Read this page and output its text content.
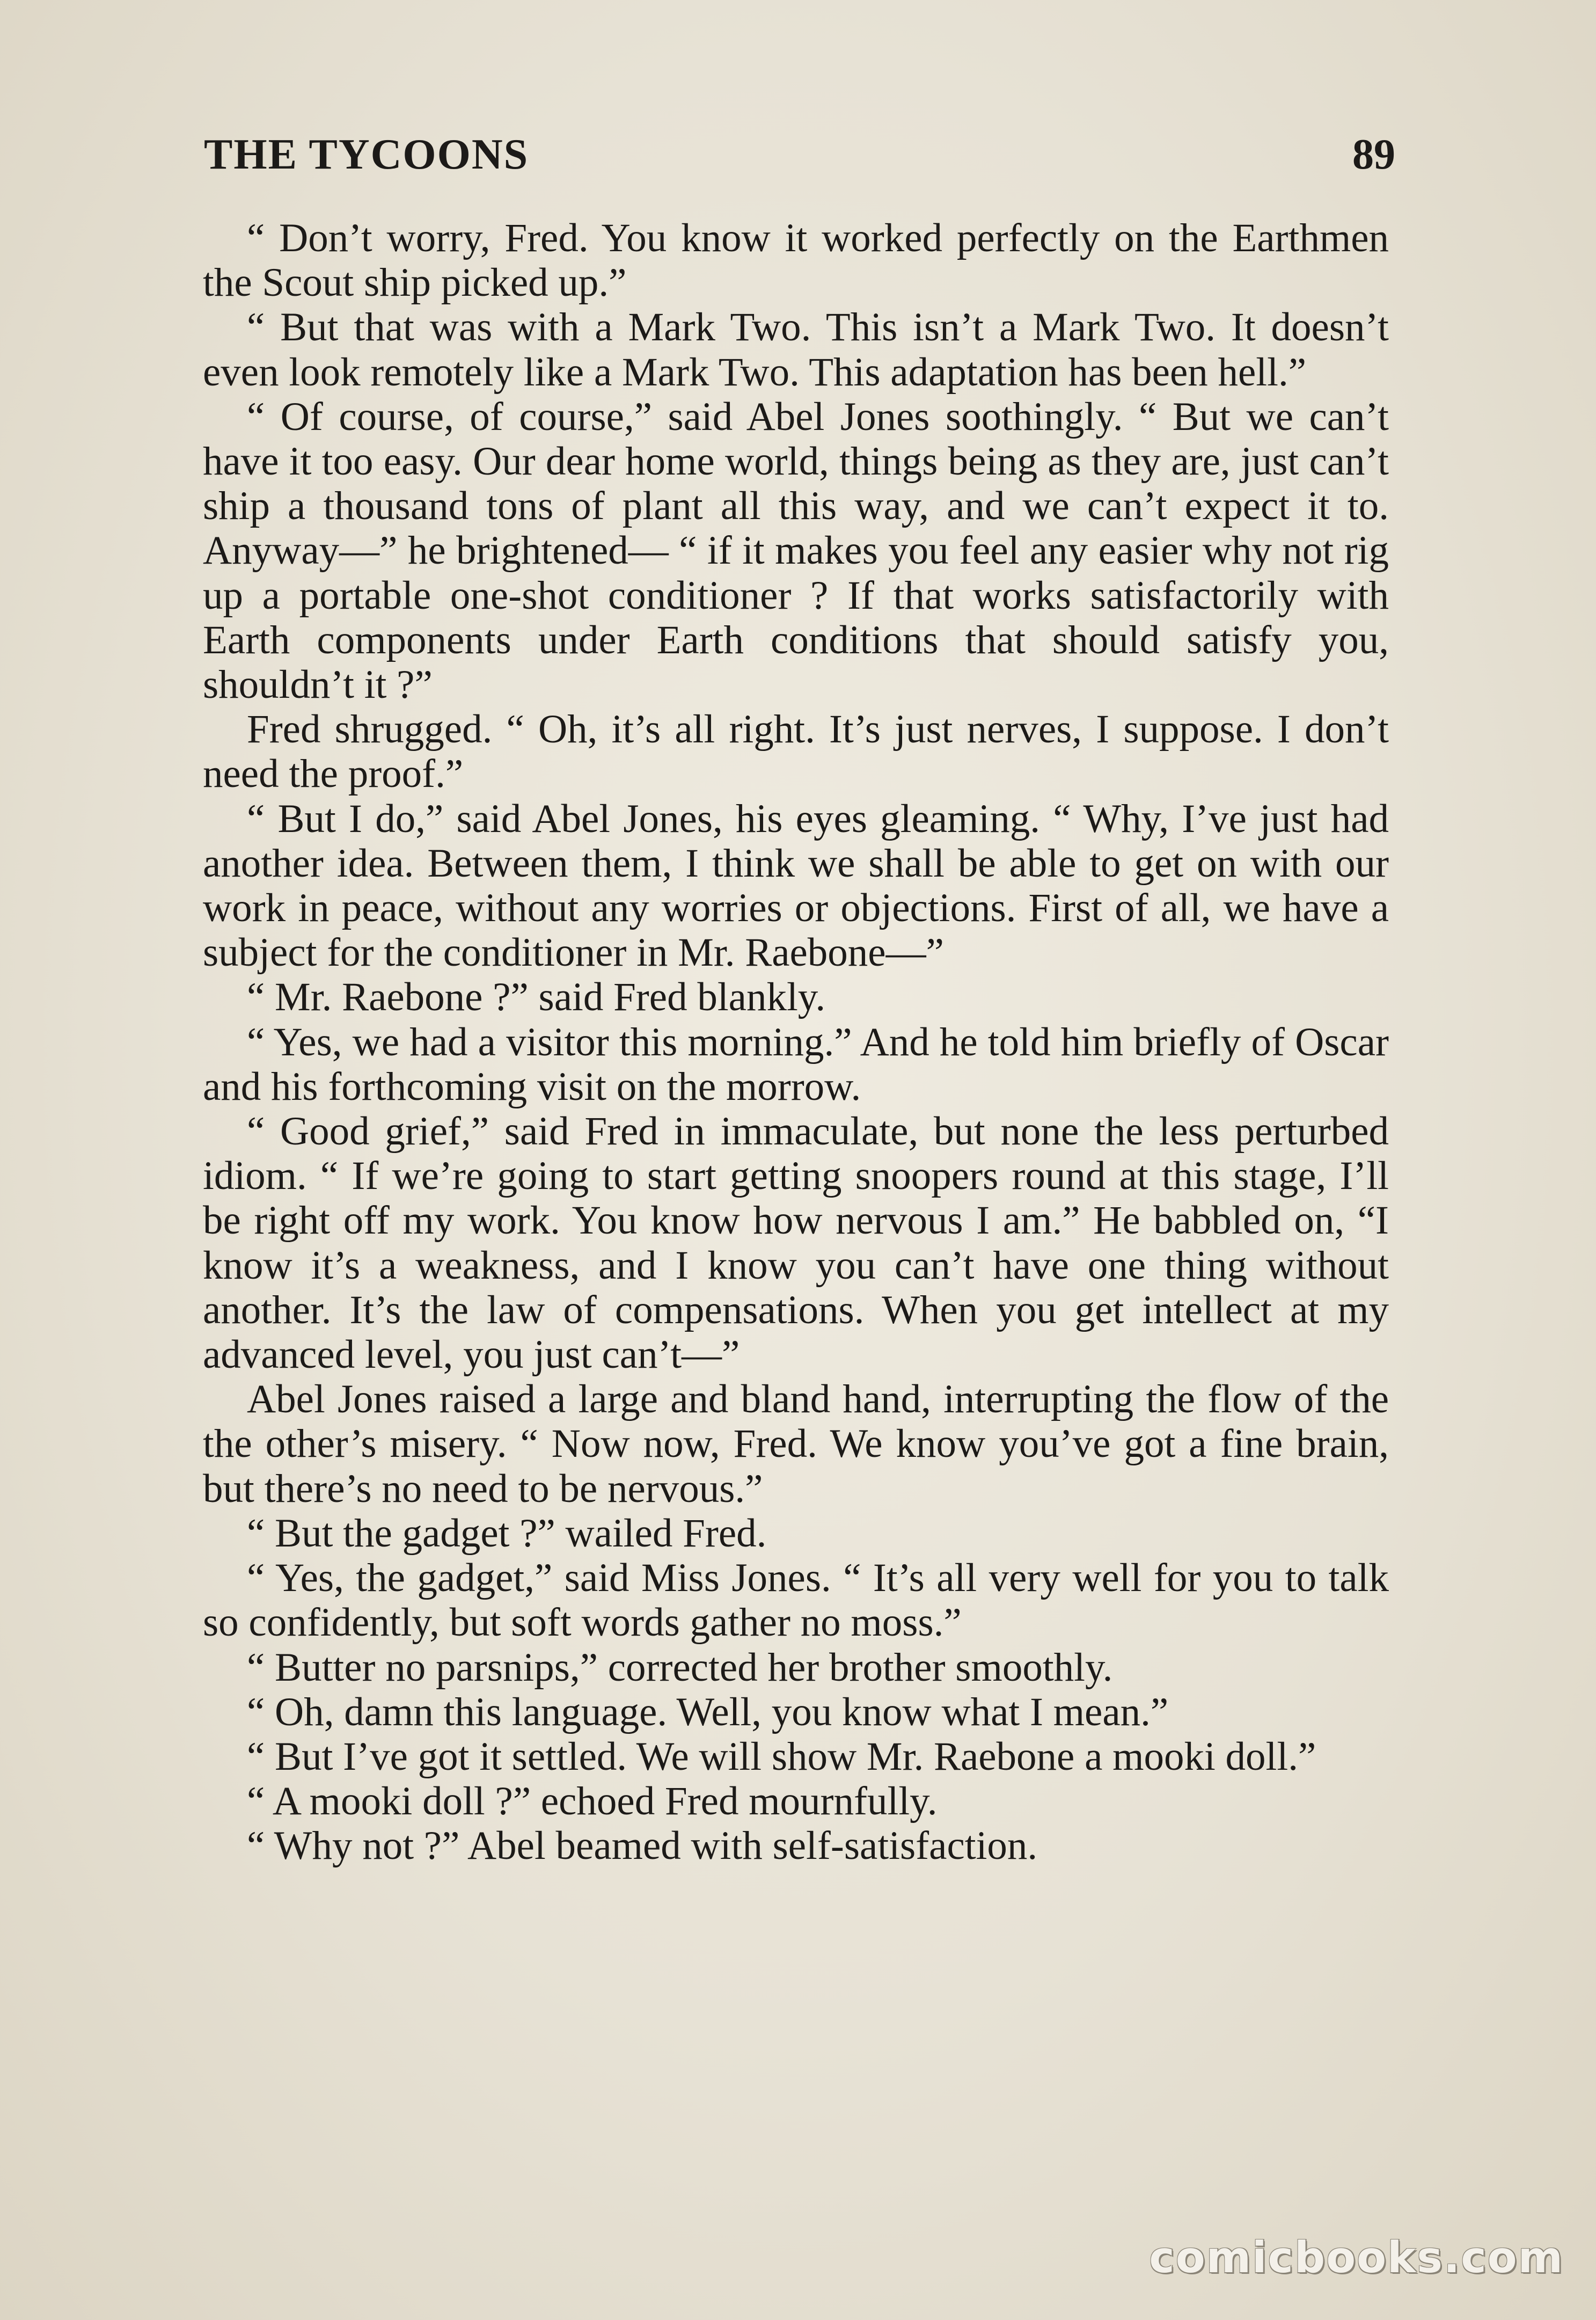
THE TYCOONS	89

“ Don’t worry, Fred. You know it worked perfectly on the Earthmen the Scout ship picked up.”

“ But that was with a Mark Two. This isn’t a Mark Two. It doesn’t even look remotely like a Mark Two. This adaptation has been hell.”

“ Of course, of course,” said Abel Jones soothingly. “ But we can’t have it too easy. Our dear home world, things being as they are, just can’t ship a thousand tons of plant all this way, and we can’t expect it to. Anyway—” he brightened— “ if it makes you feel any easier why not rig up a portable one-shot conditioner ? If that works satisfactorily with Earth components under Earth conditions that should satisfy you, shouldn’t it ?”

Fred shrugged. “ Oh, it’s all right. It’s just nerves, I suppose. I don’t need the proof.”

“ But I do,” said Abel Jones, his eyes gleaming. “ Why, I’ve just had another idea. Between them, I think we shall be able to get on with our work in peace, without any worries or objections. First of all, we have a subject for the conditioner in Mr. Raebone—”

“ Mr. Raebone ?” said Fred blankly.

“ Yes, we had a visitor this morning.” And he told him briefly of Oscar and his forthcoming visit on the morrow.

“ Good grief,” said Fred in immaculate, but none the less perturbed idiom. “ If we’re going to start getting snoopers round at this stage, I’ll be right off my work. You know how nervous I am.” He babbled on, “I know it’s a weakness, and I know you can’t have one thing without another. It’s the law of compensations. When you get intellect at my advanced level, you just can’t—”

Abel Jones raised a large and bland hand, interrupting the flow of the the other’s misery. “ Now now, Fred. We know you’ve got a fine brain, but there’s no need to be nervous.”

“ But the gadget ?” wailed Fred.

“ Yes, the gadget,” said Miss Jones. “ It’s all very well for you to talk so confidently, but soft words gather no moss.”

“ Butter no parsnips,” corrected her brother smoothly.

“ Oh, damn this language. Well, you know what I mean.”

“ But I’ve got it settled. We will show Mr. Raebone a mooki doll.”

“ A mooki doll ?” echoed Fred mournfully.

“ Why not ?” Abel beamed with self-satisfaction.

comicbooks.com
